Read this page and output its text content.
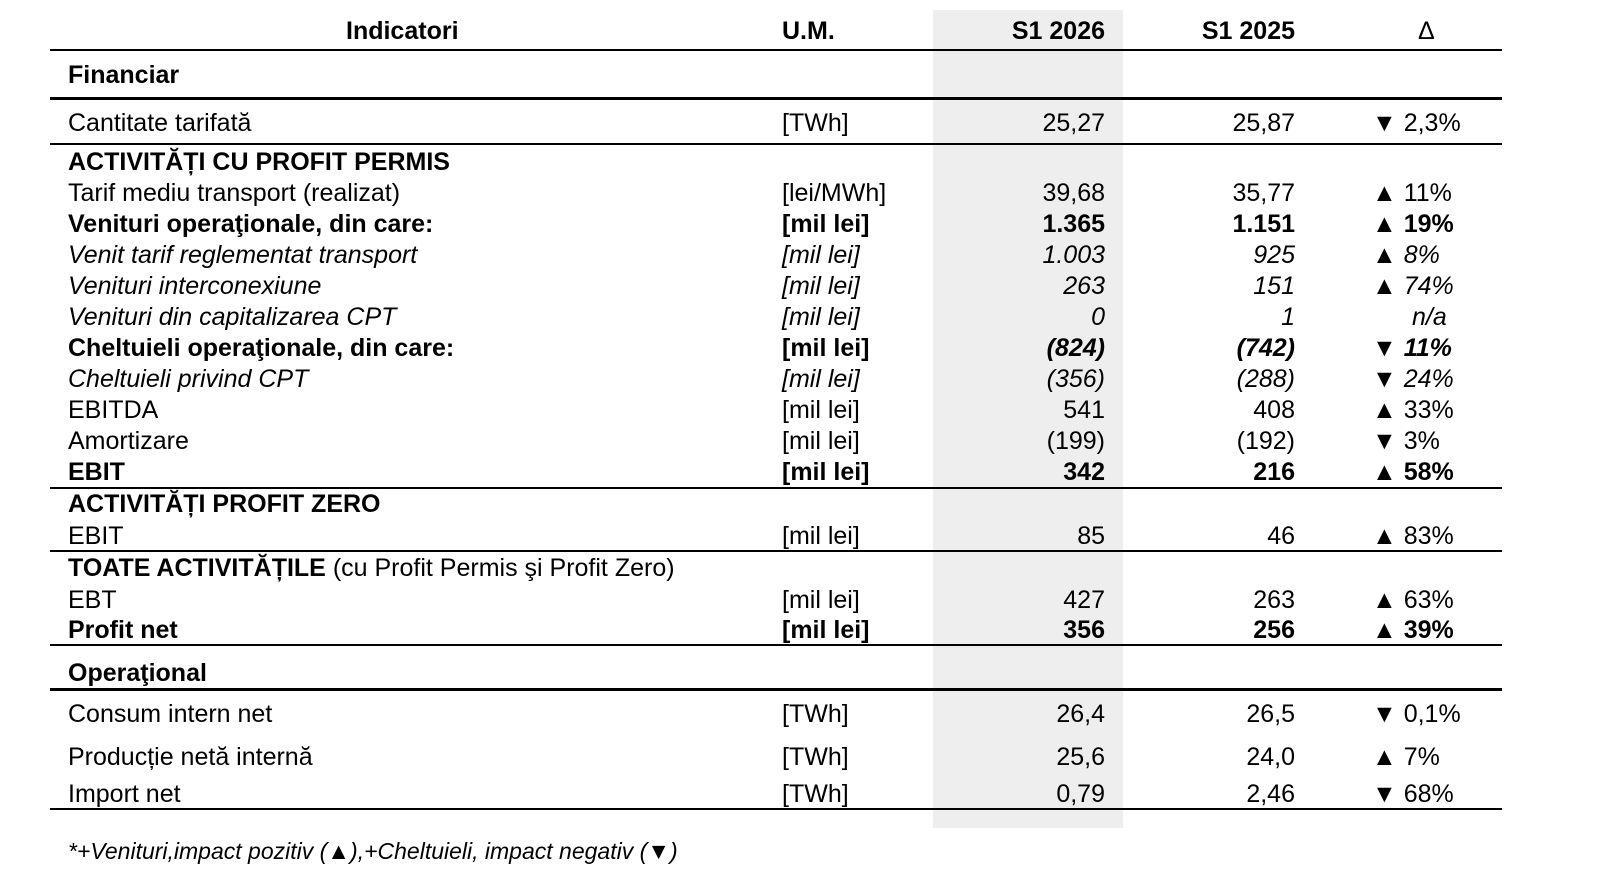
Indicatori	U.M.	S1 2026	S1 2025	Δ
Financiar
Cantitate tarifată	[TWh]	25,27	25,87	▼ 2,3%
ACTIVITĂȚI CU PROFIT PERMIS
Tarif mediu transport (realizat)	[lei/MWh]	39,68	35,77	▲ 11%
Venituri operaţionale, din care:	[mil lei]	1.365	1.151	▲ 19%
Venit tarif reglementat transport	[mil lei]	1.003	925	▲ 8%
Venituri interconexiune	[mil lei]	263	151	▲ 74%
Venituri din capitalizarea CPT	[mil lei]	0	1	n/a
Cheltuieli operaţionale, din care:	[mil lei]	(824)	(742)	▼ 11%
Cheltuieli privind CPT	[mil lei]	(356)	(288)	▼ 24%
EBITDA	[mil lei]	541	408	▲ 33%
Amortizare	[mil lei]	(199)	(192)	▼ 3%
EBIT	[mil lei]	342	216	▲ 58%
ACTIVITĂȚI PROFIT ZERO
EBIT	[mil lei]	85	46	▲ 83%
TOATE ACTIVITĂȚILE (cu Profit Permis şi Profit Zero)
EBT	[mil lei]	427	263	▲ 63%
Profit net	[mil lei]	356	256	▲ 39%
Operaţional
Consum intern net	[TWh]	26,4	26,5	▼ 0,1%
Producție netă internă	[TWh]	25,6	24,0	▲ 7%
Import net	[TWh]	0,79	2,46	▼ 68%
*+Venituri,impact pozitiv (▲),+Cheltuieli, impact negativ (▼)
